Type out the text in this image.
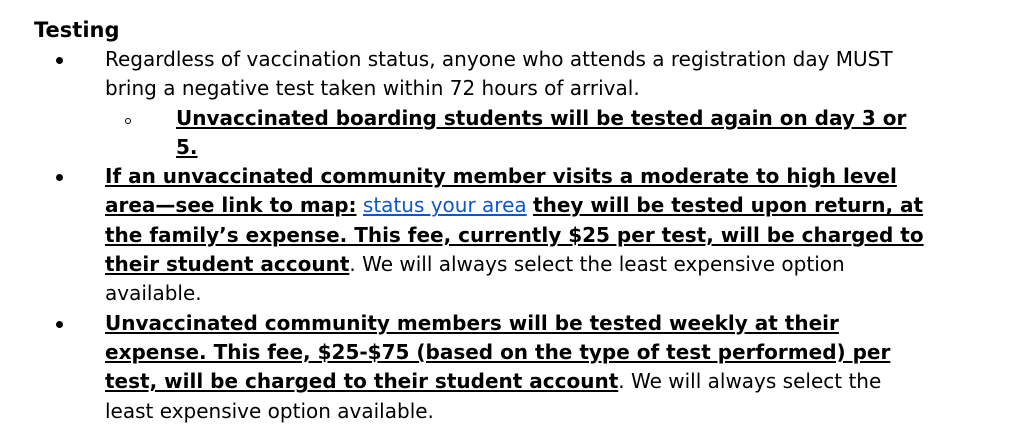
Testing
Regardless of vaccination status, anyone who attends a registration day MUST bring a negative test taken within 72 hours of arrival.
Unvaccinated boarding students will be tested again on day 3 or 5.
If an unvaccinated community member visits a moderate to high level area—see link to map: status your area they will be tested upon return, at the family’s expense. This fee, currently $25 per test, will be charged to their student account. We will always select the least expensive option available.
Unvaccinated community members will be tested weekly at their expense. This fee, $25-$75 (based on the type of test performed) per test, will be charged to their student account. We will always select the least expensive option available.
